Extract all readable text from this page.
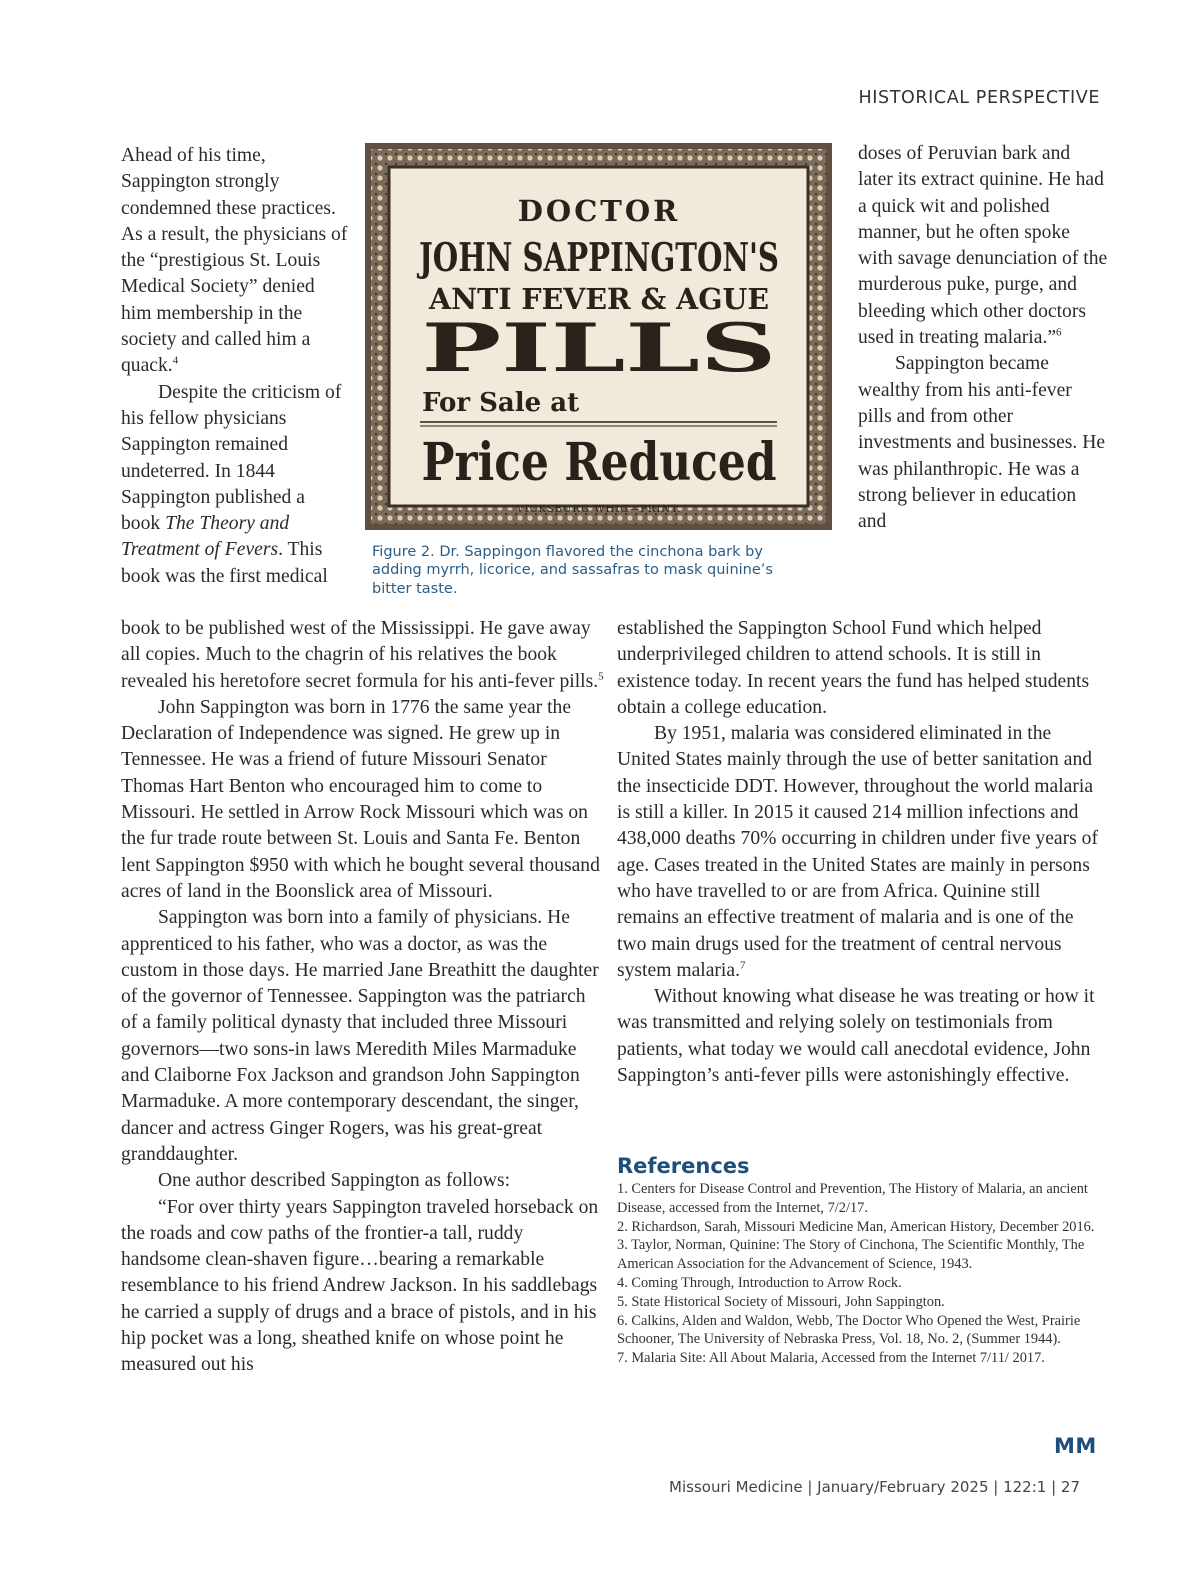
HISTORICAL PERSPECTIVE

Ahead of his time, Sappington strongly condemned these practices. As a result, the physicians of the “prestigious St. Louis Medical Society” denied him membership in the society and called him a quack.$^4$

Despite the criticism of his fellow physicians Sappington remained undeterred. In 1844 Sappington published a book The Theory and Treatment of Fevers. This book was the first medical

book to be published west of the Mississippi. He gave away all copies. Much to the chagrin of his relatives the book revealed his heretofore secret formula for his anti-fever pills.$^5$

John Sappington was born in 1776 the same year the Declaration of Independence was signed. He grew up in Tennessee. He was a friend of future Missouri Senator Thomas Hart Benton who encouraged him to come to Missouri. He settled in Arrow Rock Missouri which was on the fur trade route between St. Louis and Santa Fe. Benton lent Sappington $950 with which he bought several thousand acres of land in the Boonslick area of Missouri.

Sappington was born into a family of physicians. He apprenticed to his father, who was a doctor, as was the custom in those days. He married Jane Breathitt the daughter of the governor of Tennessee. Sappington was the patriarch of a family political dynasty that included three Missouri governors—two sons-in laws Meredith Miles Marmaduke and Claiborne Fox Jackson and grandson John Sappington Marmaduke. A more contemporary descendant, the singer, dancer and actress Ginger Rogers, was his great-great granddaughter.

One author described Sappington as follows:

“For over thirty years Sappington traveled horseback on the roads and cow paths of the frontier-a tall, ruddy handsome clean-shaven figure…bearing a remarkable resemblance to his friend Andrew Jackson. In his saddlebags he carried a supply of drugs and a brace of pistols, and in his hip pocket was a long, sheathed knife on whose point he measured out his

DOCTOR
JOHN SAPPINGTON'S
ANTI FEVER & AGUE
PILLS
For Sale at
Price Reduced
VICKSBURG WHIG—PRINT.
Figure 2. Dr. Sappingon flavored the cinchona bark by adding myrrh, licorice, and sassafras to mask quinine’s bitter taste.

doses of Peruvian bark and later its extract quinine. He had a quick wit and polished manner, but he often spoke with savage denunciation of the murderous puke, purge, and bleeding which other doctors used in treating malaria.”$^6$

Sappington became wealthy from his anti-fever pills and from other investments and businesses. He was philanthropic. He was a strong believer in education and

established the Sappington School Fund which helped underprivileged children to attend schools. It is still in existence today. In recent years the fund has helped students obtain a college education.

By 1951, malaria was considered eliminated in the United States mainly through the use of better sanitation and the insecticide DDT. However, throughout the world malaria is still a killer. In 2015 it caused 214 million infections and 438,000 deaths 70% occurring in children under five years of age. Cases treated in the United States are mainly in persons who have travelled to or are from Africa. Quinine still remains an effective treatment of malaria and is one of the two main drugs used for the treatment of central nervous system malaria.$^7$

Without knowing what disease he was treating or how it was transmitted and relying solely on testimonials from patients, what today we would call anecdotal evidence, John Sappington’s anti-fever pills were astonishingly effective.

References
1. Centers for Disease Control and Prevention, The History of Malaria, an ancient Disease, accessed from the Internet, 7/2/17.
2. Richardson, Sarah, Missouri Medicine Man, American History, December 2016.
3. Taylor, Norman, Quinine: The Story of Cinchona, The Scientific Monthly, The American Association for the Advancement of Science, 1943.
4. Coming Through, Introduction to Arrow Rock.
5. State Historical Society of Missouri, John Sappington.
6. Calkins, Alden and Waldon, Webb, The Doctor Who Opened the West, Prairie Schooner, The University of Nebraska Press, Vol. 18, No. 2, (Summer 1944).
7. Malaria Site: All About Malaria, Accessed from the Internet 7/11/ 2017.
MM
Missouri Medicine | January/February 2025 | 122:1 | 27
